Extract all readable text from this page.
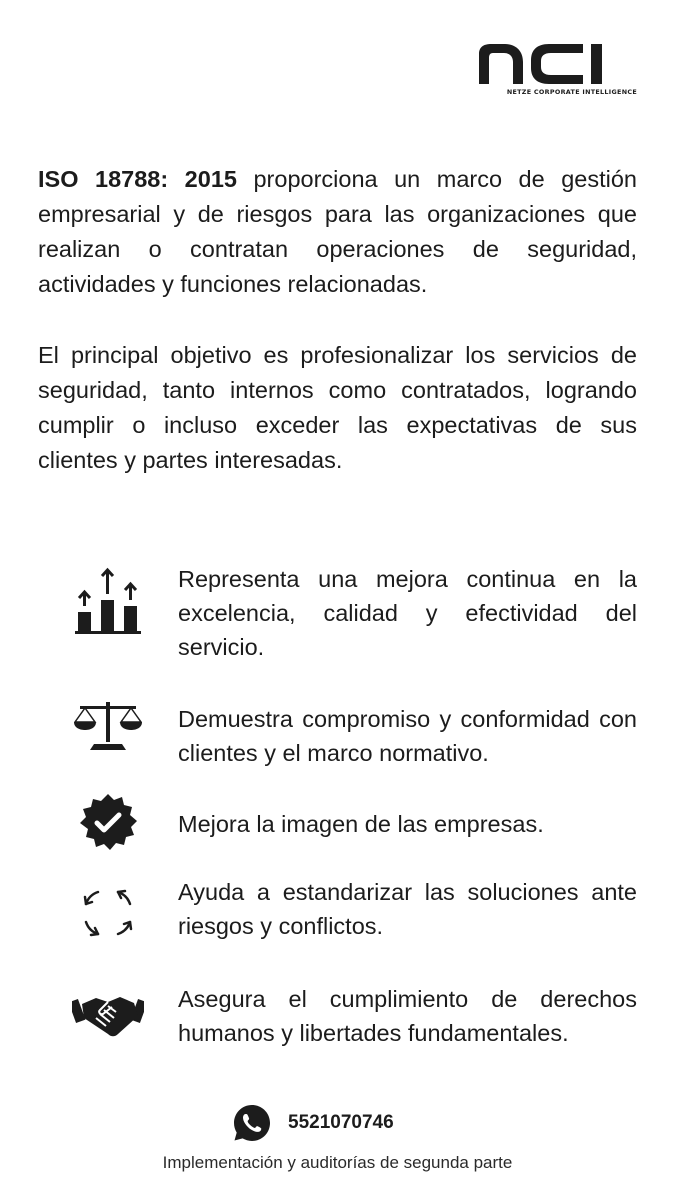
NCI
NETZE CORPORATE INTELLIGENCE

ISO 18788: 2015 proporciona un marco de gestión empresarial y de riesgos para las organizaciones que realizan o contratan operaciones de seguridad, actividades y funciones relacionadas.

El principal objetivo es profesionalizar los servicios de seguridad, tanto internos como contratados, logrando cumplir o incluso exceder las expectativas de sus clientes y partes interesadas.

Representa una mejora continua en la excelencia, calidad y efectividad del servicio.

Demuestra compromiso y conformidad con clientes y el marco normativo.

Mejora la imagen de las empresas.

Ayuda a estandarizar las soluciones ante riesgos y conflictos.

Asegura el cumplimiento de derechos humanos y libertades fundamentales.

5521070746
Implementación y auditorías de segunda parte
